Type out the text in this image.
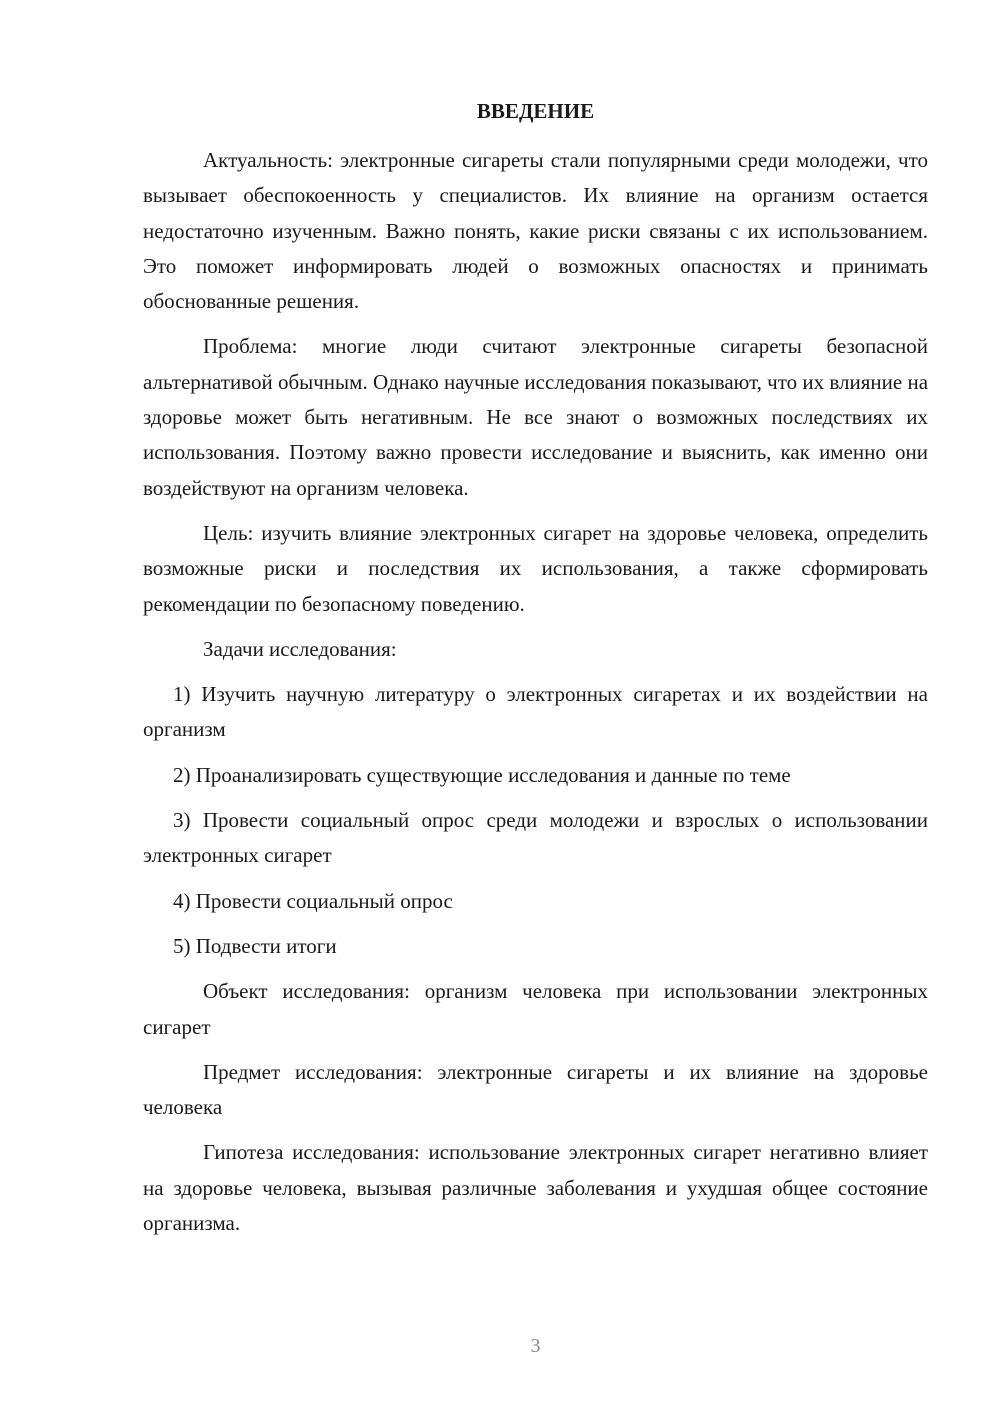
ВВЕДЕНИЕ

Актуальность: электронные сигареты стали популярными среди молодежи, что вызывает обеспокоенность у специалистов. Их влияние на организм остается недостаточно изученным. Важно понять, какие риски связаны с их использованием. Это поможет информировать людей о возможных опасностях и принимать обоснованные решения.

Проблема: многие люди считают электронные сигареты безопасной альтернативой обычным. Однако научные исследования показывают, что их влияние на здоровье может быть негативным. Не все знают о возможных последствиях их использования. Поэтому важно провести исследование и выяснить, как именно они воздействуют на организм человека.

Цель: изучить влияние электронных сигарет на здоровье человека, определить возможные риски и последствия их использования, а также сформировать рекомендации по безопасному поведению.

Задачи исследования:

1) Изучить научную литературу о электронных сигаретах и их воздействии на организм

2) Проанализировать существующие исследования и данные по теме

3) Провести социальный опрос среди молодежи и взрослых о использовании электронных сигарет

4) Провести социальный опрос

5) Подвести итоги

Объект исследования: организм человека при использовании электронных сигарет

Предмет исследования: электронные сигареты и их влияние на здоровье человека

Гипотеза исследования: использование электронных сигарет негативно влияет на здоровье человека, вызывая различные заболевания и ухудшая общее состояние организма.

3
